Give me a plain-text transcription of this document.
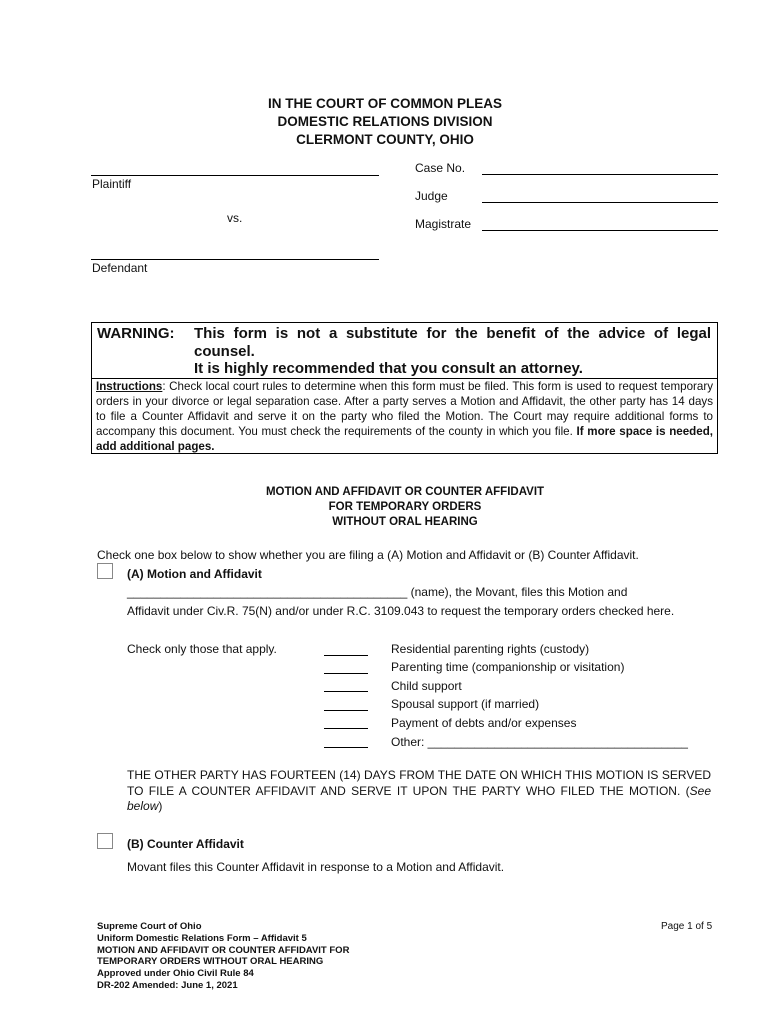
IN THE COURT OF COMMON PLEAS
DOMESTIC RELATIONS DIVISION
CLERMONT COUNTY, OHIO
Plaintiff
vs.
Defendant
Case No.
Judge
Magistrate
WARNING: This form is not a substitute for the benefit of the advice of legal counsel.
It is highly recommended that you consult an attorney.
Instructions: Check local court rules to determine when this form must be filed. This form is used to request temporary orders in your divorce or legal separation case. After a party serves a Motion and Affidavit, the other party has 14 days to file a Counter Affidavit and serve it on the party who filed the Motion. The Court may require additional forms to accompany this document. You must check the requirements of the county in which you file. If more space is needed, add additional pages.
MOTION AND AFFIDAVIT OR COUNTER AFFIDAVIT
FOR TEMPORARY ORDERS
WITHOUT ORAL HEARING
Check one box below to show whether you are filing a (A) Motion and Affidavit or (B) Counter Affidavit.
(A) Motion and Affidavit
__________________________________________ (name), the Movant, files this Motion and
Affidavit under Civ.R. 75(N) and/or under R.C. 3109.043 to request the temporary orders checked here.
Check only those that apply.	Residential parenting rights (custody)
Parenting time (companionship or visitation)
Child support
Spousal support (if married)
Payment of debts and/or expenses
Other: _______________________________________
THE OTHER PARTY HAS FOURTEEN (14) DAYS FROM THE DATE ON WHICH THIS MOTION IS SERVED TO FILE A COUNTER AFFIDAVIT AND SERVE IT UPON THE PARTY WHO FILED THE MOTION. (See below)
(B) Counter Affidavit
Movant files this Counter Affidavit in response to a Motion and Affidavit.
Supreme Court of Ohio
Uniform Domestic Relations Form – Affidavit 5
MOTION AND AFFIDAVIT OR COUNTER AFFIDAVIT FOR
TEMPORARY ORDERS WITHOUT ORAL HEARING
Approved under Ohio Civil Rule 84
DR-202 Amended: June 1, 2021
Page 1 of 5
